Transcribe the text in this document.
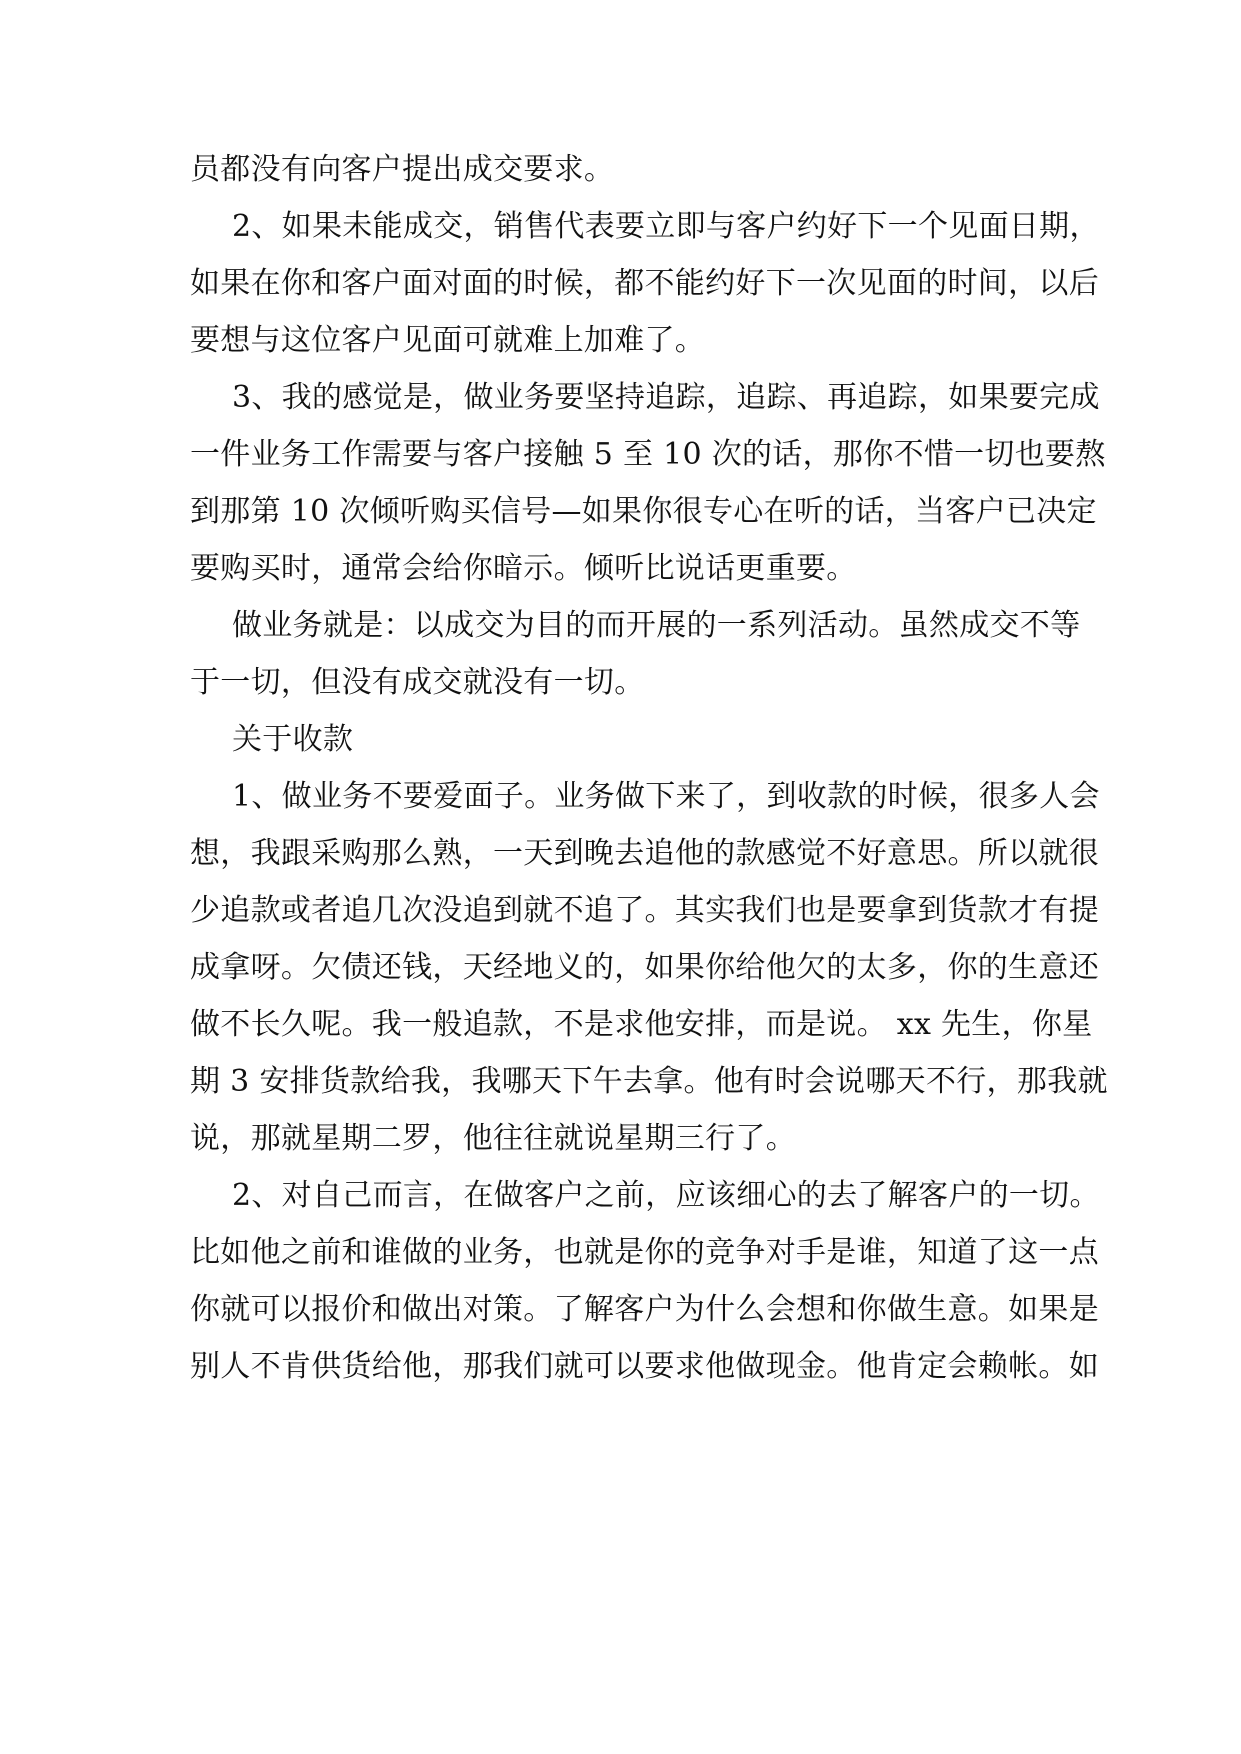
员都没有向客户提出成交要求。
2、如果未能成交，销售代表要立即与客户约好下一个见面日期，
如果在你和客户面对面的时候，都不能约好下一次见面的时间，以后
要想与这位客户见面可就难上加难了。
3、我的感觉是，做业务要坚持追踪，追踪、再追踪，如果要完成
一件业务工作需要与客户接触 5 至 10 次的话，那你不惜一切也要熬
到那第 10 次倾听购买信号—如果你很专心在听的话，当客户已决定
要购买时，通常会给你暗示。倾听比说话更重要。
做业务就是：以成交为目的而开展的一系列活动。虽然成交不等
于一切，但没有成交就没有一切。
关于收款
1、做业务不要爱面子。业务做下来了，到收款的时候，很多人会
想，我跟采购那么熟，一天到晚去追他的款感觉不好意思。所以就很
少追款或者追几次没追到就不追了。其实我们也是要拿到货款才有提
成拿呀。欠债还钱，天经地义的，如果你给他欠的太多，你的生意还
做不长久呢。我一般追款，不是求他安排，而是说。 xx 先生，你星
期 3 安排货款给我，我哪天下午去拿。他有时会说哪天不行，那我就
说，那就星期二罗，他往往就说星期三行了。
2、对自己而言，在做客户之前，应该细心的去了解客户的一切。
比如他之前和谁做的业务，也就是你的竞争对手是谁，知道了这一点
你就可以报价和做出对策。了解客户为什么会想和你做生意。如果是
别人不肯供货给他，那我们就可以要求他做现金。他肯定会赖帐。如
